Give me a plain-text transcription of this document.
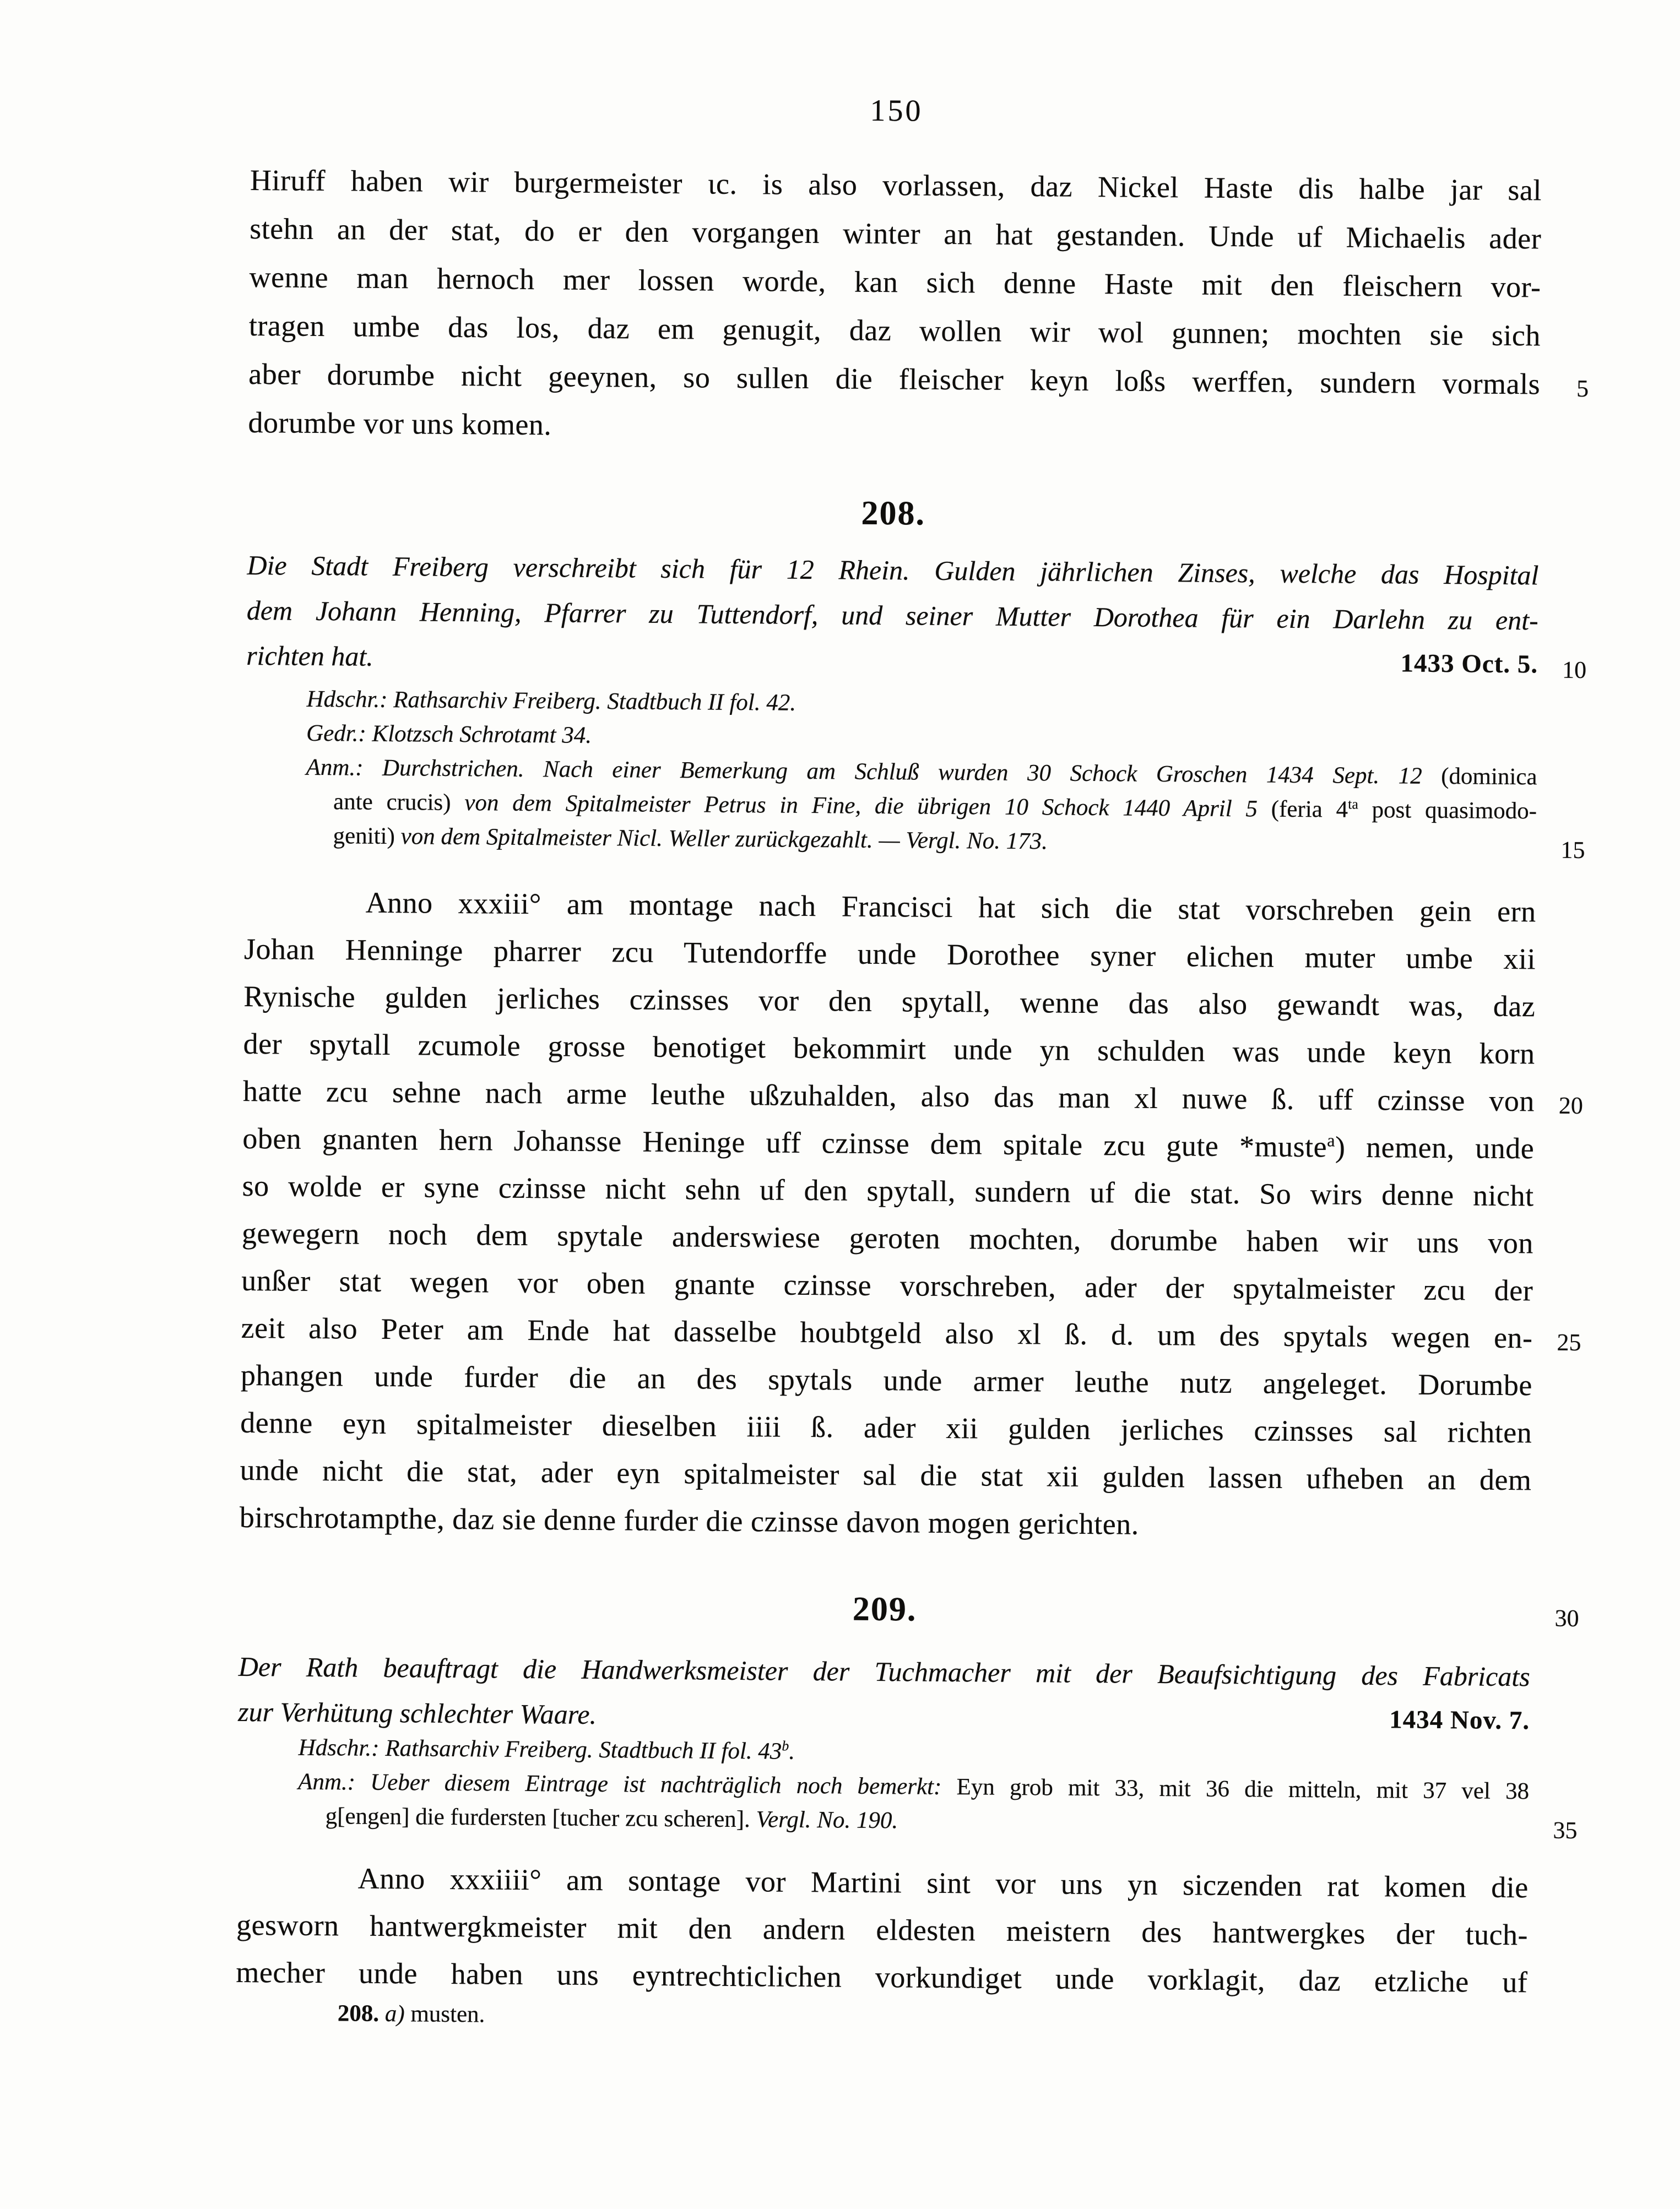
150
Hiruff haben wir burgermeister ɩc. is also vorlassen, daz Nickel Haste dis halbe jar sal
stehn an der stat, do er den vorgangen winter an hat gestanden. Unde uf Michaelis ader
wenne man hernoch mer lossen worde, kan sich denne Haste mit den fleischern vor-
tragen umbe das los, daz em genugit, daz wollen wir wol gunnen; mochten sie sich
aber dorumbe nicht geeynen, so sullen die fleischer keyn loßs werffen, sundern vormals 5
dorumbe vor uns komen.
208.
Die Stadt Freiberg verschreibt sich für 12 Rhein. Gulden jährlichen Zinses, welche das Hospital
dem Johann Henning, Pfarrer zu Tuttendorf, und seiner Mutter Dorothea für ein Darlehn zu ent-
richten hat.	1433 Oct. 5. 10
Hdschr.: Rathsarchiv Freiberg. Stadtbuch II fol. 42.
Gedr.: Klotzsch Schrotamt 34.
Anm.: Durchstrichen. Nach einer Bemerkung am Schluß wurden 30 Schock Groschen 1434 Sept. 12 (dominica
ante crucis) von dem Spitalmeister Petrus in Fine, die übrigen 10 Schock 1440 April 5 (feria $4^{ta}$ post quasimodo-
geniti) von dem Spitalmeister Nicl. Weller zurückgezahlt. — Vergl. No. 173.	15
Anno xxxiii° am montage nach Francisci hat sich die stat vorschreben gein ern
Johan Henninge pharrer zcu Tutendorffe unde Dorothee syner elichen muter umbe xii
Rynische gulden jerliches czinsses vor den spytall, wenne das also gewandt was, daz
der spytall zcumole grosse benotiget bekommirt unde yn schulden was unde keyn korn
hatte zcu sehne nach arme leuthe ußzuhalden, also das man xl nuwe ß. uff czinsse von 20
oben gnanten hern Johansse Heninge uff czinsse dem spitale zcu gute *muste$^a$) nemen, unde
so wolde er syne czinsse nicht sehn uf den spytall, sundern uf die stat. So wirs denne nicht
gewegern noch dem spytale anderswiese geroten mochten, dorumbe haben wir uns von
unßer stat wegen vor oben gnante czinsse vorschreben, ader der spytalmeister zcu der
zeit also Peter am Ende hat dasselbe houbtgeld also xl ß. d. um des spytals wegen en- 25
phangen unde furder die an des spytals unde armer leuthe nutz angeleget. Dorumbe
denne eyn spitalmeister dieselben iiii ß. ader xii gulden jerliches czinsses sal richten
unde nicht die stat, ader eyn spitalmeister sal die stat xii gulden lassen ufheben an dem
birschrotampthe, daz sie denne furder die czinsse davon mogen gerichten.
209.	30
Der Rath beauftragt die Handwerksmeister der Tuchmacher mit der Beaufsichtigung des Fabricats
zur Verhütung schlechter Waare.	1434 Nov. 7.
Hdschr.: Rathsarchiv Freiberg. Stadtbuch II fol. 43$^b$.
Anm.: Ueber diesem Eintrage ist nachträglich noch bemerkt: Eyn grob mit 33, mit 36 die mitteln, mit 37 vel 38
g[engen] die furdersten [tucher zcu scheren]. Vergl. No. 190.	35
Anno xxxiiii° am sontage vor Martini sint vor uns yn siczenden rat komen die
gesworn hantwergkmeister mit den andern eldesten meistern des hantwergkes der tuch-
mecher unde haben uns eyntrechticlichen vorkundiget unde vorklagit, daz etzliche uf
208. a) musten.
